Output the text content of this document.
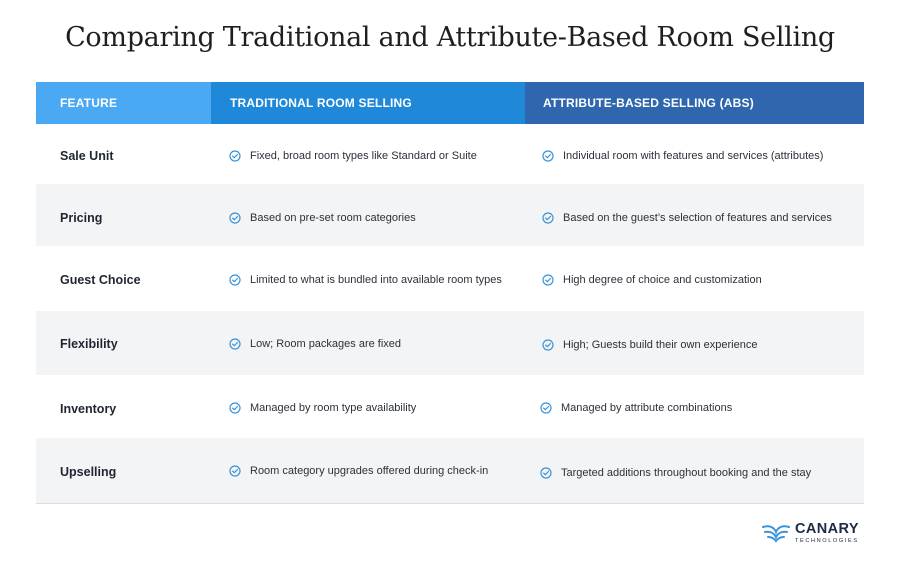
Comparing Traditional and Attribute-Based Room Selling
FEATURE	TRADITIONAL ROOM SELLING	ATTRIBUTE-BASED SELLING (ABS)
Sale Unit	Fixed, broad room types like Standard or Suite	Individual room with features and services (attributes)
Pricing	Based on pre-set room categories	Based on the guest’s selection of features and services
Guest Choice	Limited to what is bundled into available room types	High degree of choice and customization
Flexibility	Low; Room packages are fixed	High; Guests build their own experience
Inventory	Managed by room type availability	Managed by attribute combinations
Upselling	Room category upgrades offered during check-in	Targeted additions throughout booking and the stay
CANARY
TECHNOLOGIES
